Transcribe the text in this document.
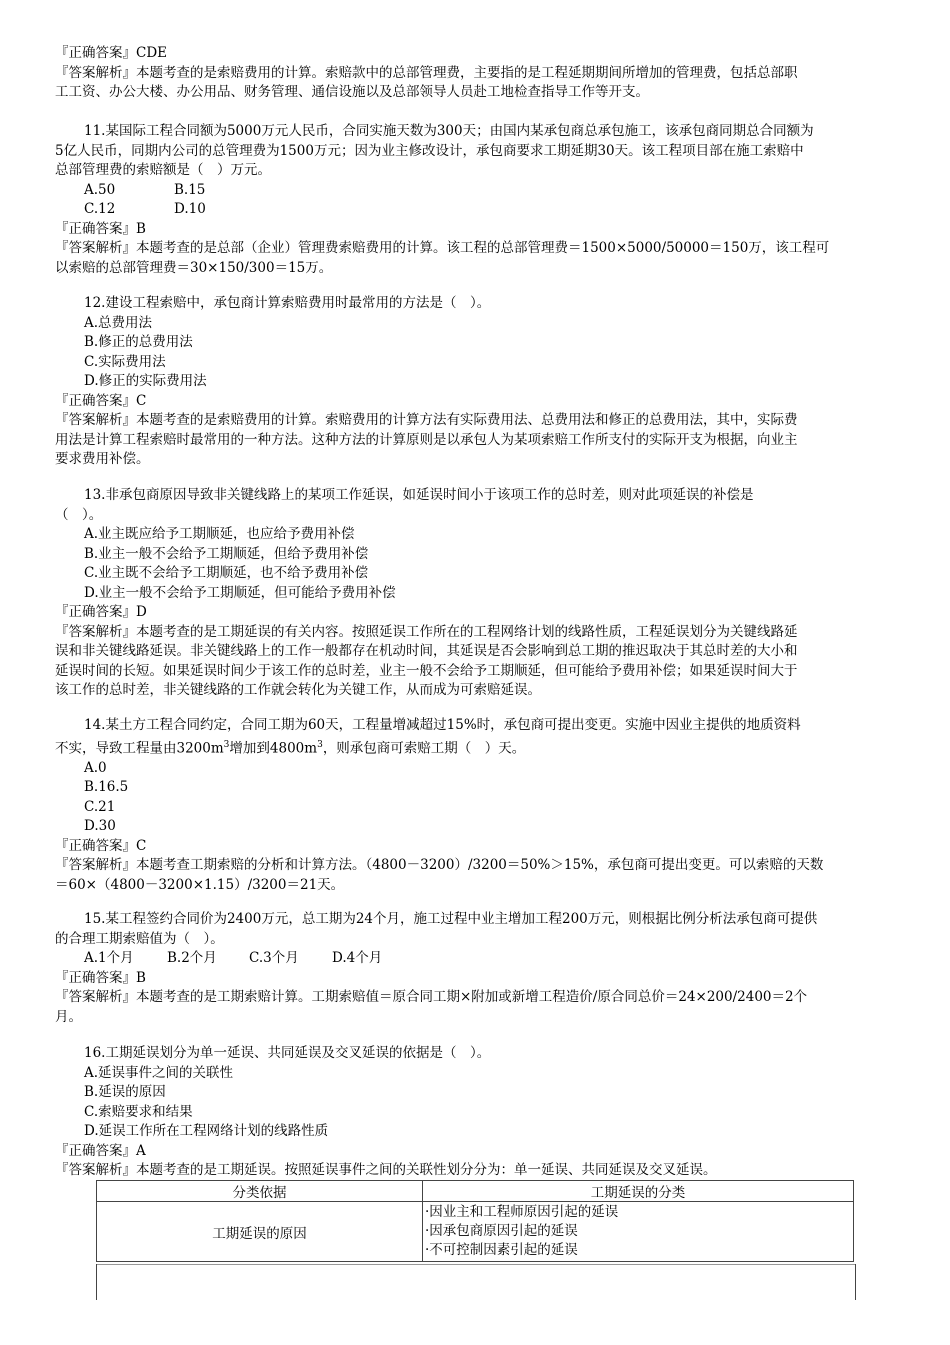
『正确答案』CDE
『答案解析』本题考查的是索赔费用的计算。索赔款中的总部管理费，主要指的是工程延期期间所增加的管理费，包括总部职
工工资、办公大楼、办公用品、财务管理、通信设施以及总部领导人员赴工地检查指导工作等开支。
11.某国际工程合同额为5000万元人民币，合同实施天数为300天；由国内某承包商总承包施工，该承包商同期总合同额为
5亿人民币，同期内公司的总管理费为1500万元；因为业主修改设计，承包商要求工期延期30天。该工程项目部在施工索赔中
总部管理费的索赔额是（　）万元。
A.50	B.15
C.12	D.10
『正确答案』B
『答案解析』本题考查的是总部（企业）管理费索赔费用的计算。该工程的总部管理费＝1500×5000/50000＝150万，该工程可
以索赔的总部管理费＝30×150/300＝15万。
12.建设工程索赔中，承包商计算索赔费用时最常用的方法是（　）。
A.总费用法
B.修正的总费用法
C.实际费用法
D.修正的实际费用法
『正确答案』C
『答案解析』本题考查的是索赔费用的计算。索赔费用的计算方法有实际费用法、总费用法和修正的总费用法，其中，实际费
用法是计算工程索赔时最常用的一种方法。这种方法的计算原则是以承包人为某项索赔工作所支付的实际开支为根据，向业主
要求费用补偿。
13.非承包商原因导致非关键线路上的某项工作延误，如延误时间小于该项工作的总时差，则对此项延误的补偿是
（　）。
A.业主既应给予工期顺延，也应给予费用补偿
B.业主一般不会给予工期顺延，但给予费用补偿
C.业主既不会给予工期顺延，也不给予费用补偿
D.业主一般不会给予工期顺延，但可能给予费用补偿
『正确答案』D
『答案解析』本题考查的是工期延误的有关内容。按照延误工作所在的工程网络计划的线路性质，工程延误划分为关键线路延
误和非关键线路延误。非关键线路上的工作一般都存在机动时间，其延误是否会影响到总工期的推迟取决于其总时差的大小和
延误时间的长短。如果延误时间少于该工作的总时差，业主一般不会给予工期顺延，但可能给予费用补偿；如果延误时间大于
该工作的总时差，非关键线路的工作就会转化为关键工作，从而成为可索赔延误。
14.某土方工程合同约定，合同工期为60天，工程量增减超过15%时，承包商可提出变更。实施中因业主提供的地质资料
不实，导致工程量由$3200m^3$增加到$4800m^3$，则承包商可索赔工期（　）天。
A.0
B.16.5
C.21
D.30
『正确答案』C
『答案解析』本题考查工期索赔的分析和计算方法。（4800－3200）/3200＝50%＞15%，承包商可提出变更。可以索赔的天数
＝60×（4800－3200×1.15）/3200＝21天。
15.某工程签约合同价为2400万元，总工期为24个月，施工过程中业主增加工程200万元，则根据比例分析法承包商可提供
的合理工期索赔值为（　）。
A.1个月 B.2个月 C.3个月 D.4个月
『正确答案』B
『答案解析』本题考查的是工期索赔计算。工期索赔值＝原合同工期×附加或新增工程造价/原合同总价＝24×200/2400＝2个
月。
16.工期延误划分为单一延误、共同延误及交叉延误的依据是（　）。
A.延误事件之间的关联性
B.延误的原因
C.索赔要求和结果
D.延误工作所在工程网络计划的线路性质
『正确答案』A
『答案解析』本题考查的是工期延误。按照延误事件之间的关联性划分分为：单一延误、共同延误及交叉延误。
分类依据	工期延误的分类
工期延误的原因	·因业主和工程师原因引起的延误
·因承包商原因引起的延误
·不可控制因素引起的延误
